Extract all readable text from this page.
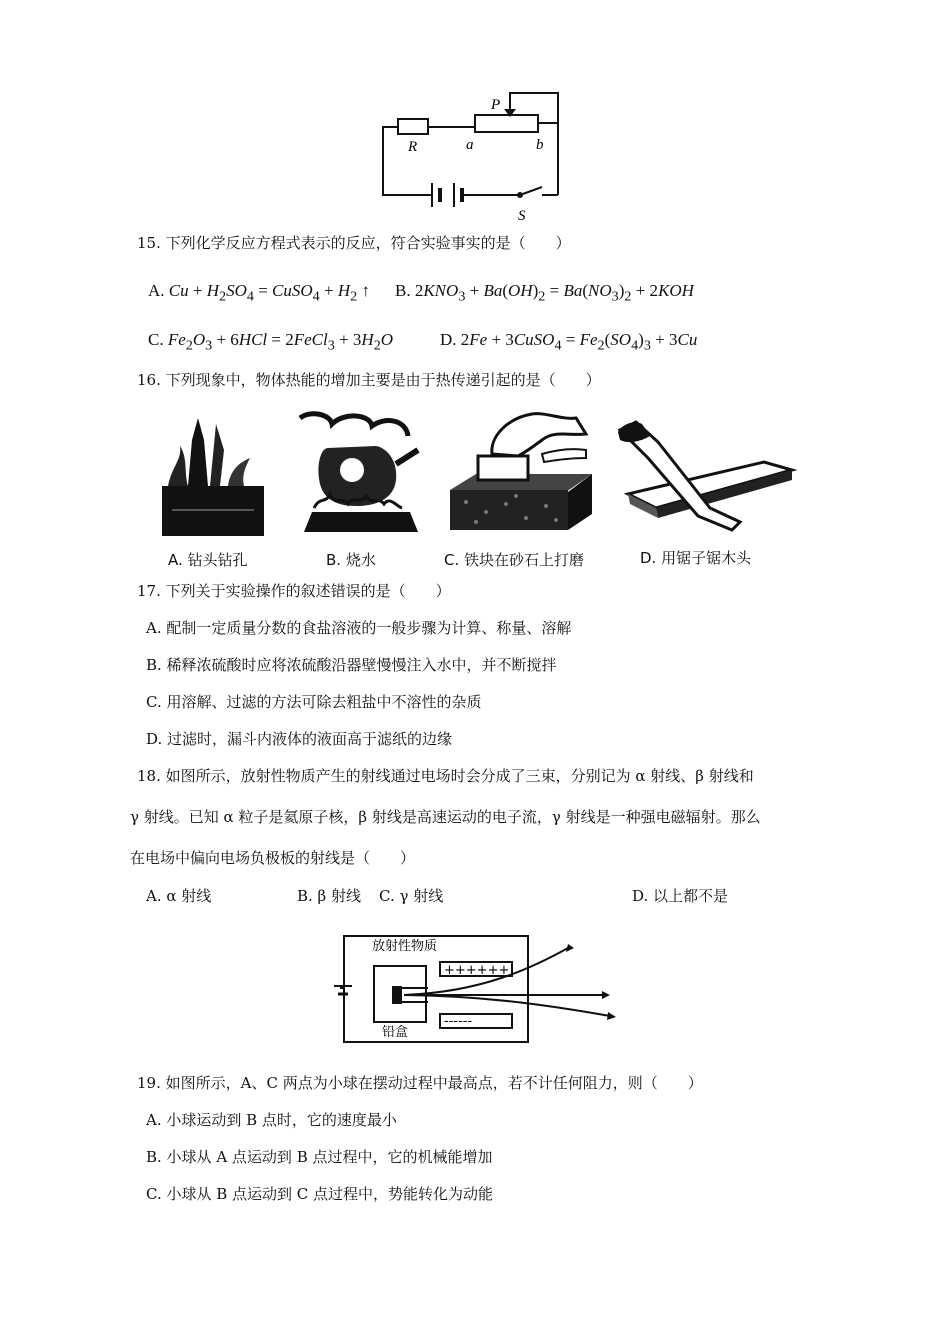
P
R	a	b
S
15. 下列化学反应方程式表示的反应，符合实验事实的是（　　）
A. $Cu + H_2SO_4$ = CuSO$_4$ + $H_2$ ↑ B. $2KNO_3 + Ba(OH)_2 = Ba(NO_3)_2 + 2KOH$
C. $Fe_2O_3 + 6HCl$ = 2FeCl$_3$ + $3H_2O$	D. 2Fe + 3CuSO$_4$ = $Fe_2(SO_4)_3 + 3Cu$
16. 下列现象中，物体热能的增加主要是由于热传递引起的是（　　）
A. 钻头钻孔	B. 烧水	C. 铁块在砂石上打磨	D. 用锯子锯木头
17. 下列关于实验操作的叙述错误的是（　　）
A. 配制一定质量分数的食盐溶液的一般步骤为计算、称量、溶解
B. 稀释浓硫酸时应将浓硫酸沿器壁慢慢注入水中，并不断搅拌
C. 用溶解、过滤的方法可除去粗盐中不溶性的杂质
D. 过滤时，漏斗内液体的液面高于滤纸的边缘
18. 如图所示，放射性物质产生的射线通过电场时会分成了三束，分别记为 α 射线、β 射线和
γ 射线。已知 α 粒子是氦原子核，β 射线是高速运动的电子流，γ 射线是一种强电磁辐射。那么
在电场中偏向电场负极板的射线是（　　）
A. α 射线	B. β 射线 C. γ 射线	D. 以上都不是
++++++
------
放射性物质
铅盒
19. 如图所示，A、C 两点为小球在摆动过程中最高点，若不计任何阻力，则（　　）
A. 小球运动到 B 点时，它的速度最小
B. 小球从 A 点运动到 B 点过程中，它的机械能增加
C. 小球从 B 点运动到 C 点过程中，势能转化为动能
